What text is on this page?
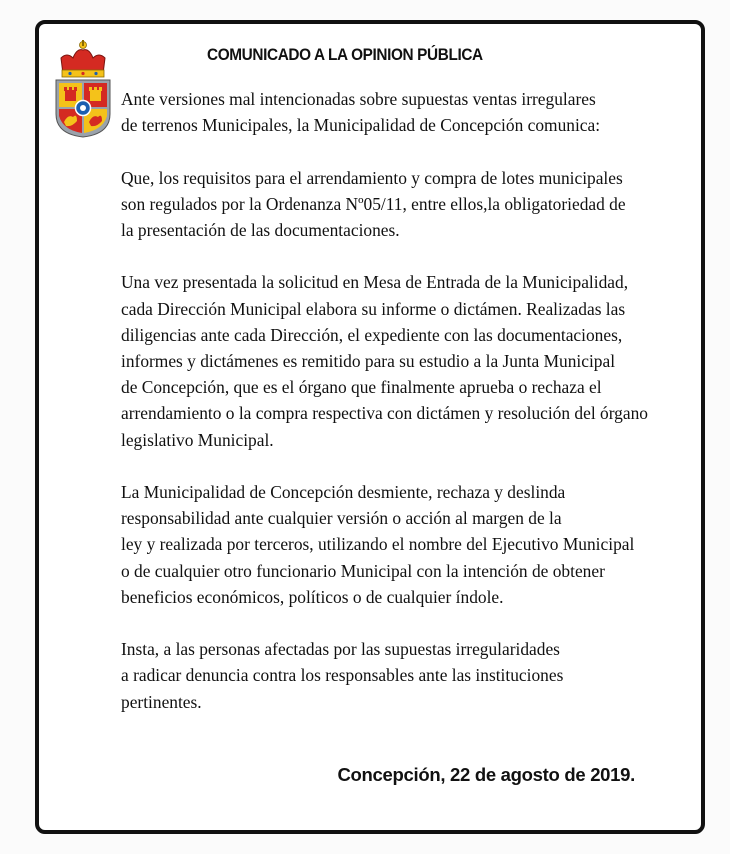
COMUNICADO A LA OPINION PÚBLICA

Ante versiones mal intencionadas sobre supuestas ventas irregulares
de terrenos Municipales, la Municipalidad de Concepción comunica:

Que, los requisitos para el arrendamiento y compra de lotes municipales
son regulados por la Ordenanza Nº05/11, entre ellos,la obligatoriedad de
la presentación de las documentaciones.

Una vez presentada la solicitud en Mesa de Entrada de la Municipalidad,
cada Dirección Municipal elabora su informe o dictámen. Realizadas las
diligencias ante cada Dirección, el expediente con las documentaciones,
informes y dictámenes es remitido para su estudio a la Junta Municipal
de Concepción, que es el órgano que finalmente aprueba o rechaza el
arrendamiento o la compra respectiva con dictámen y resolución del órgano
legislativo Municipal.

La Municipalidad de Concepción desmiente, rechaza y deslinda
responsabilidad ante cualquier versión o acción al margen de la
ley y realizada por terceros, utilizando el nombre del Ejecutivo Municipal
o de cualquier otro funcionario Municipal con la intención de obtener
beneficios económicos, políticos o de cualquier índole.

Insta, a las personas afectadas por las supuestas irregularidades
a radicar denuncia contra los responsables ante las instituciones
pertinentes.

Concepción, 22 de agosto de 2019.
